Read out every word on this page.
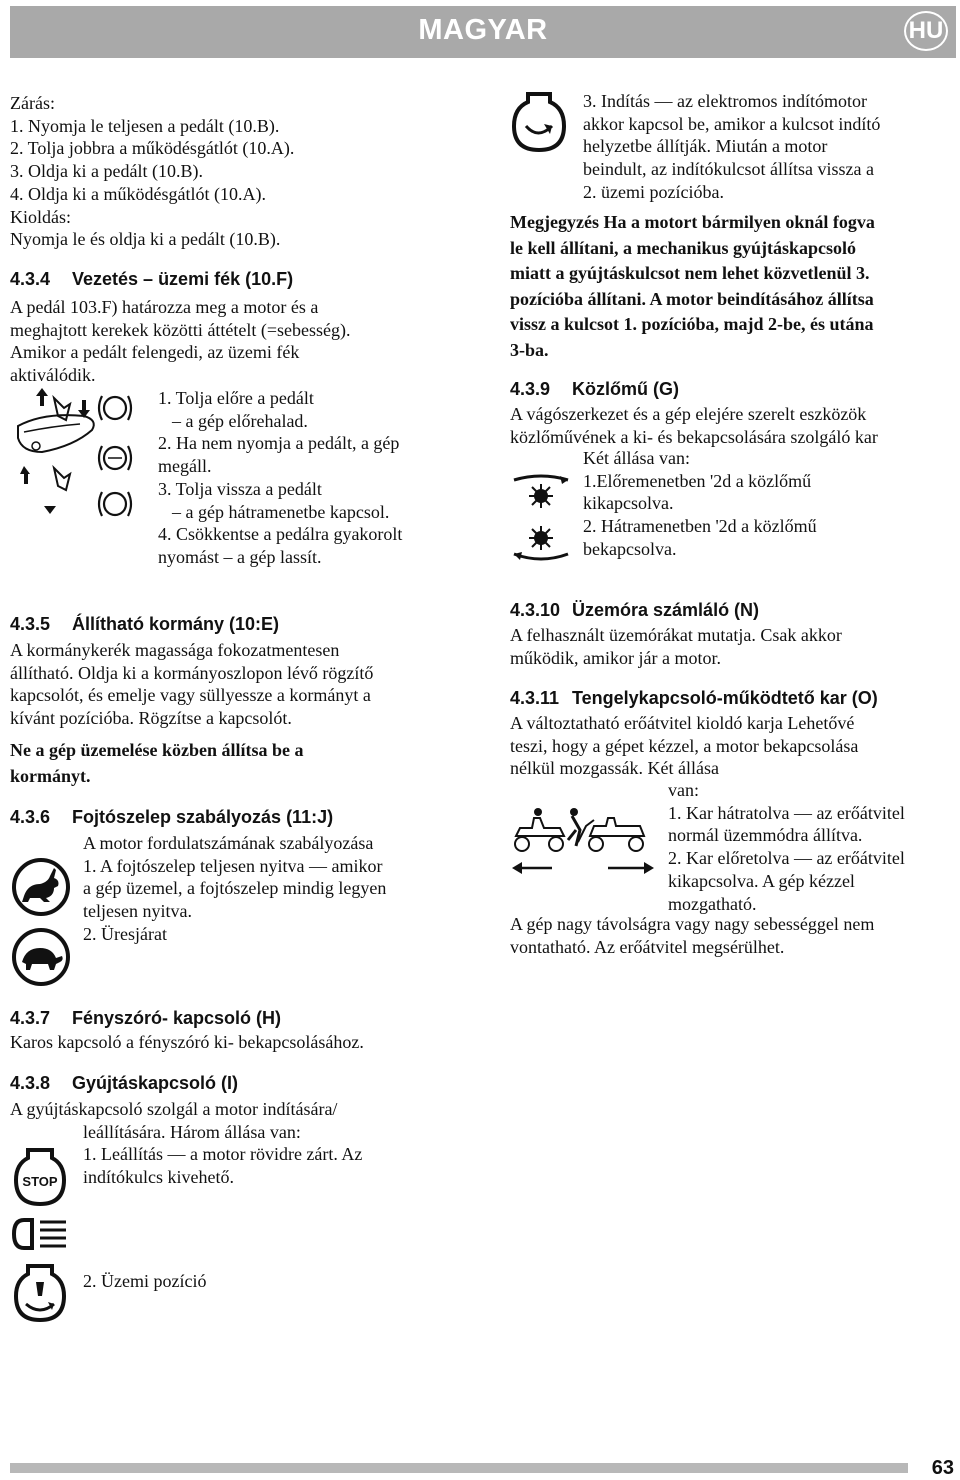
MAGYAR	HU
Zárás:
1. Nyomja le teljesen a pedált (10.B).
2. Tolja jobbra a működésgátlót (10.A).
3. Oldja ki a pedált (10.B).
4. Oldja ki a működésgátlót (10.A).
Kioldás:
Nyomja le és oldja ki a pedált (10.B).
4.3.4 Vezetés – üzemi fék (10.F)
A pedál 103.F) határozza meg a motor és a
meghajtott kerekek közötti áttételt (=sebesség).
Amikor a pedált felengedi, az üzemi fék
aktiválódik.
1. Tolja előre a pedált
– a gép előrehalad.
2. Ha nem nyomja a pedált, a gép
megáll.
3. Tolja vissza a pedált
– a gép hátramenetbe kapcsol.
4. Csökkentse a pedálra gyakorolt
nyomást – a gép lassít.
4.3.5 Állítható kormány (10:E)
A kormánykerék magassága fokozatmentesen
állítható. Oldja ki a kormányoszlopon lévő rögzítő
kapcsolót, és emelje vagy süllyessze a kormányt a
kívánt pozícióba. Rögzítse a kapcsolót.
Ne a gép üzemelése közben állítsa be a
kormányt.
4.3.6 Fojtószelep szabályozás (11:J)
A motor fordulatszámának szabályozása
1. A fojtószelep teljesen nyitva — amikor
a gép üzemel, a fojtószelep mindig legyen
teljesen nyitva.
2. Üresjárat
4.3.7 Fényszóró- kapcsoló (H)
Karos kapcsoló a fényszóró ki- bekapcsolásához.
4.3.8 Gyújtáskapcsoló (I)
A gyújtáskapcsoló szolgál a motor indítására/
leállítására. Három állása van:
1. Leállítás — a motor rövidre zárt. Az
indítókulcs kivehető.
STOP
2. Üzemi pozíció
3. Indítás — az elektromos indítómotor
akkor kapcsol be, amikor a kulcsot indító
helyzetbe állítják. Miután a motor
beindult, az indítókulcsot állítsa vissza a
2. üzemi pozícióba.
Megjegyzés Ha a motort bármilyen oknál fogva
le kell állítani, a mechanikus gyújtáskapcsoló
miatt a gyújtáskulcsot nem lehet közvetlenül 3.
pozícióba állítani. A motor beindításához állítsa
vissz a kulcsot 1. pozícióba, majd 2-be, és utána
3-ba.
4.3.9 Közlőmű (G)
A vágószerkezet és a gép elejére szerelt eszközök
közlőművének a ki- és bekapcsolására szolgáló kar
Két állása van:
1.Előremenetben '2d a közlőmű
kikapcsolva.
2. Hátramenetben '2d a közlőmű
bekapcsolva.
4.3.10 Üzemóra számláló (N)
A felhasznált üzemórákat mutatja. Csak akkor
működik, amikor jár a motor.
4.3.11 Tengelykapcsoló-működtető kar (O)
A változtatható erőátvitel kioldó karja Lehetővé
teszi, hogy a gépet kézzel, a motor bekapcsolása
nélkül mozgassák. Két állása
van:
1. Kar hátratolva — az erőátvitel
normál üzemmódra állítva.
2. Kar előretolva — az erőátvitel
kikapcsolva. A gép kézzel
mozgatható.
A gép nagy távolságra vagy nagy sebességgel nem
vontatható. Az erőátvitel megsérülhet.
63
